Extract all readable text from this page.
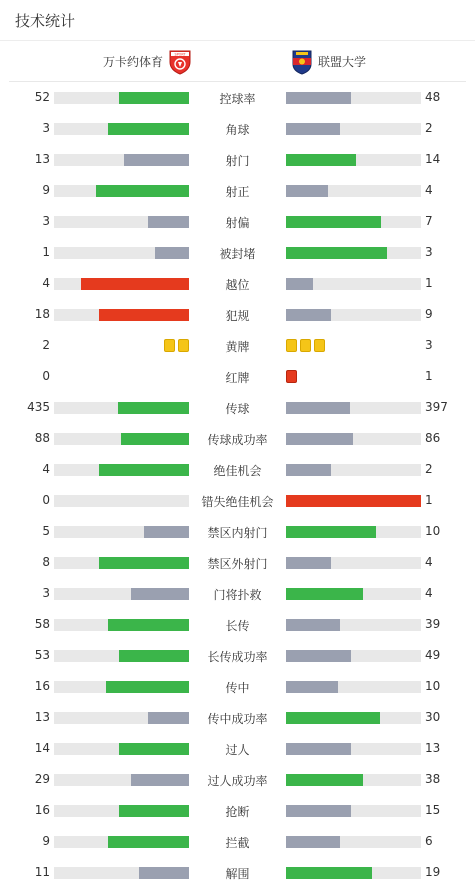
技术统计
万卡约体育
SPORT
联盟大学
52	控球率	48
3	角球	2
13	射门	14
9	射正	4
3	射偏	7
1	被封堵	3
4	越位	1
18	犯规	9
2	黄牌	3
0	红牌	1
435	传球	397
88	传球成功率	86
4	绝佳机会	2
0	错失绝佳机会	1
5	禁区内射门	10
8	禁区外射门	4
3	门将扑救	4
58	长传	39
53	长传成功率	49
16	传中	10
13	传中成功率	30
14	过人	13
29	过人成功率	38
16	抢断	15
9	拦截	6
11	解围	19
